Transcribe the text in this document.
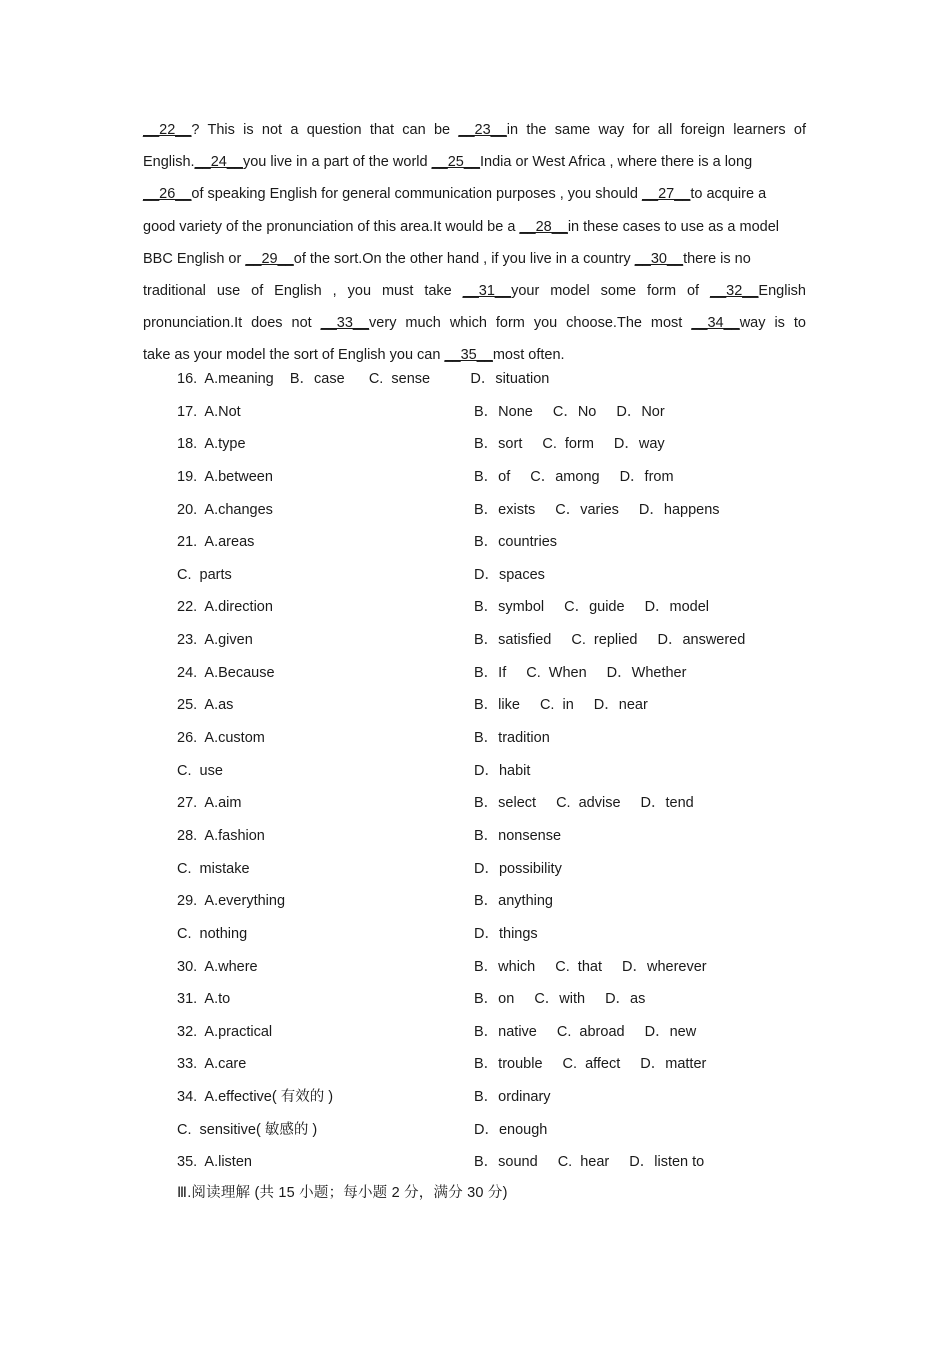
__22__? This is not a question that can be __23__in the same way for all foreign learners of
English.__24__you live in a part of the world __25__India or West Africa , where there is a long
__26__of speaking English for general communication purposes , you should __27__to acquire a
good variety of the pronunciation of this area.It would be a __28__in these cases to use as a model
BBC English or __29__of the sort.On the other hand , if you live in a country __30__there is no
traditional use of English , you must take __31__your model some form of __32__English
pronunciation.It does not __33__very much which form you choose.The most __34__way is to
take as your model the sort of English you can __35__most often.
16.  A.meaning    B．case      C.  sense          D．situation
17.  A.Not	B．None C．No D．Nor
18.  A.type	B．sort C.  form D．way
19.  A.between	B．of C．among D．from
20.  A.changes	B．exists C．varies D．happens
21.  A.areas	B．countries
C.  parts	D．spaces
22.  A.direction	B．symbol C．guide D．model
23.  A.given	B．satisfied C.  replied D．answered
24.  A.Because	B．If C.  When D．Whether
25.  A.as	B．like C.  in D．near
26.  A.custom	B．tradition
C.  use	D．habit
27.  A.aim	B．select C.  advise D．tend
28.  A.fashion	B．nonsense
C.  mistake	D．possibility
29.  A.everything	B．anything
C.  nothing	D．things
30.  A.where	B．which C.  that D．wherever
31.  A.to	B．on C．with D．as
32.  A.practical	B．native C.  abroad D．new
33.  A.care	B．trouble C.  affect D．matter
34.  A.effective( 有效的 )	B．ordinary
C.  sensitive( 敏感的 )	D．enough
35.  A.listen	B．sound C.  hear D．listen to
Ⅲ.阅读理解 (共 15 小题；每小题 2 分，满分 30 分)
